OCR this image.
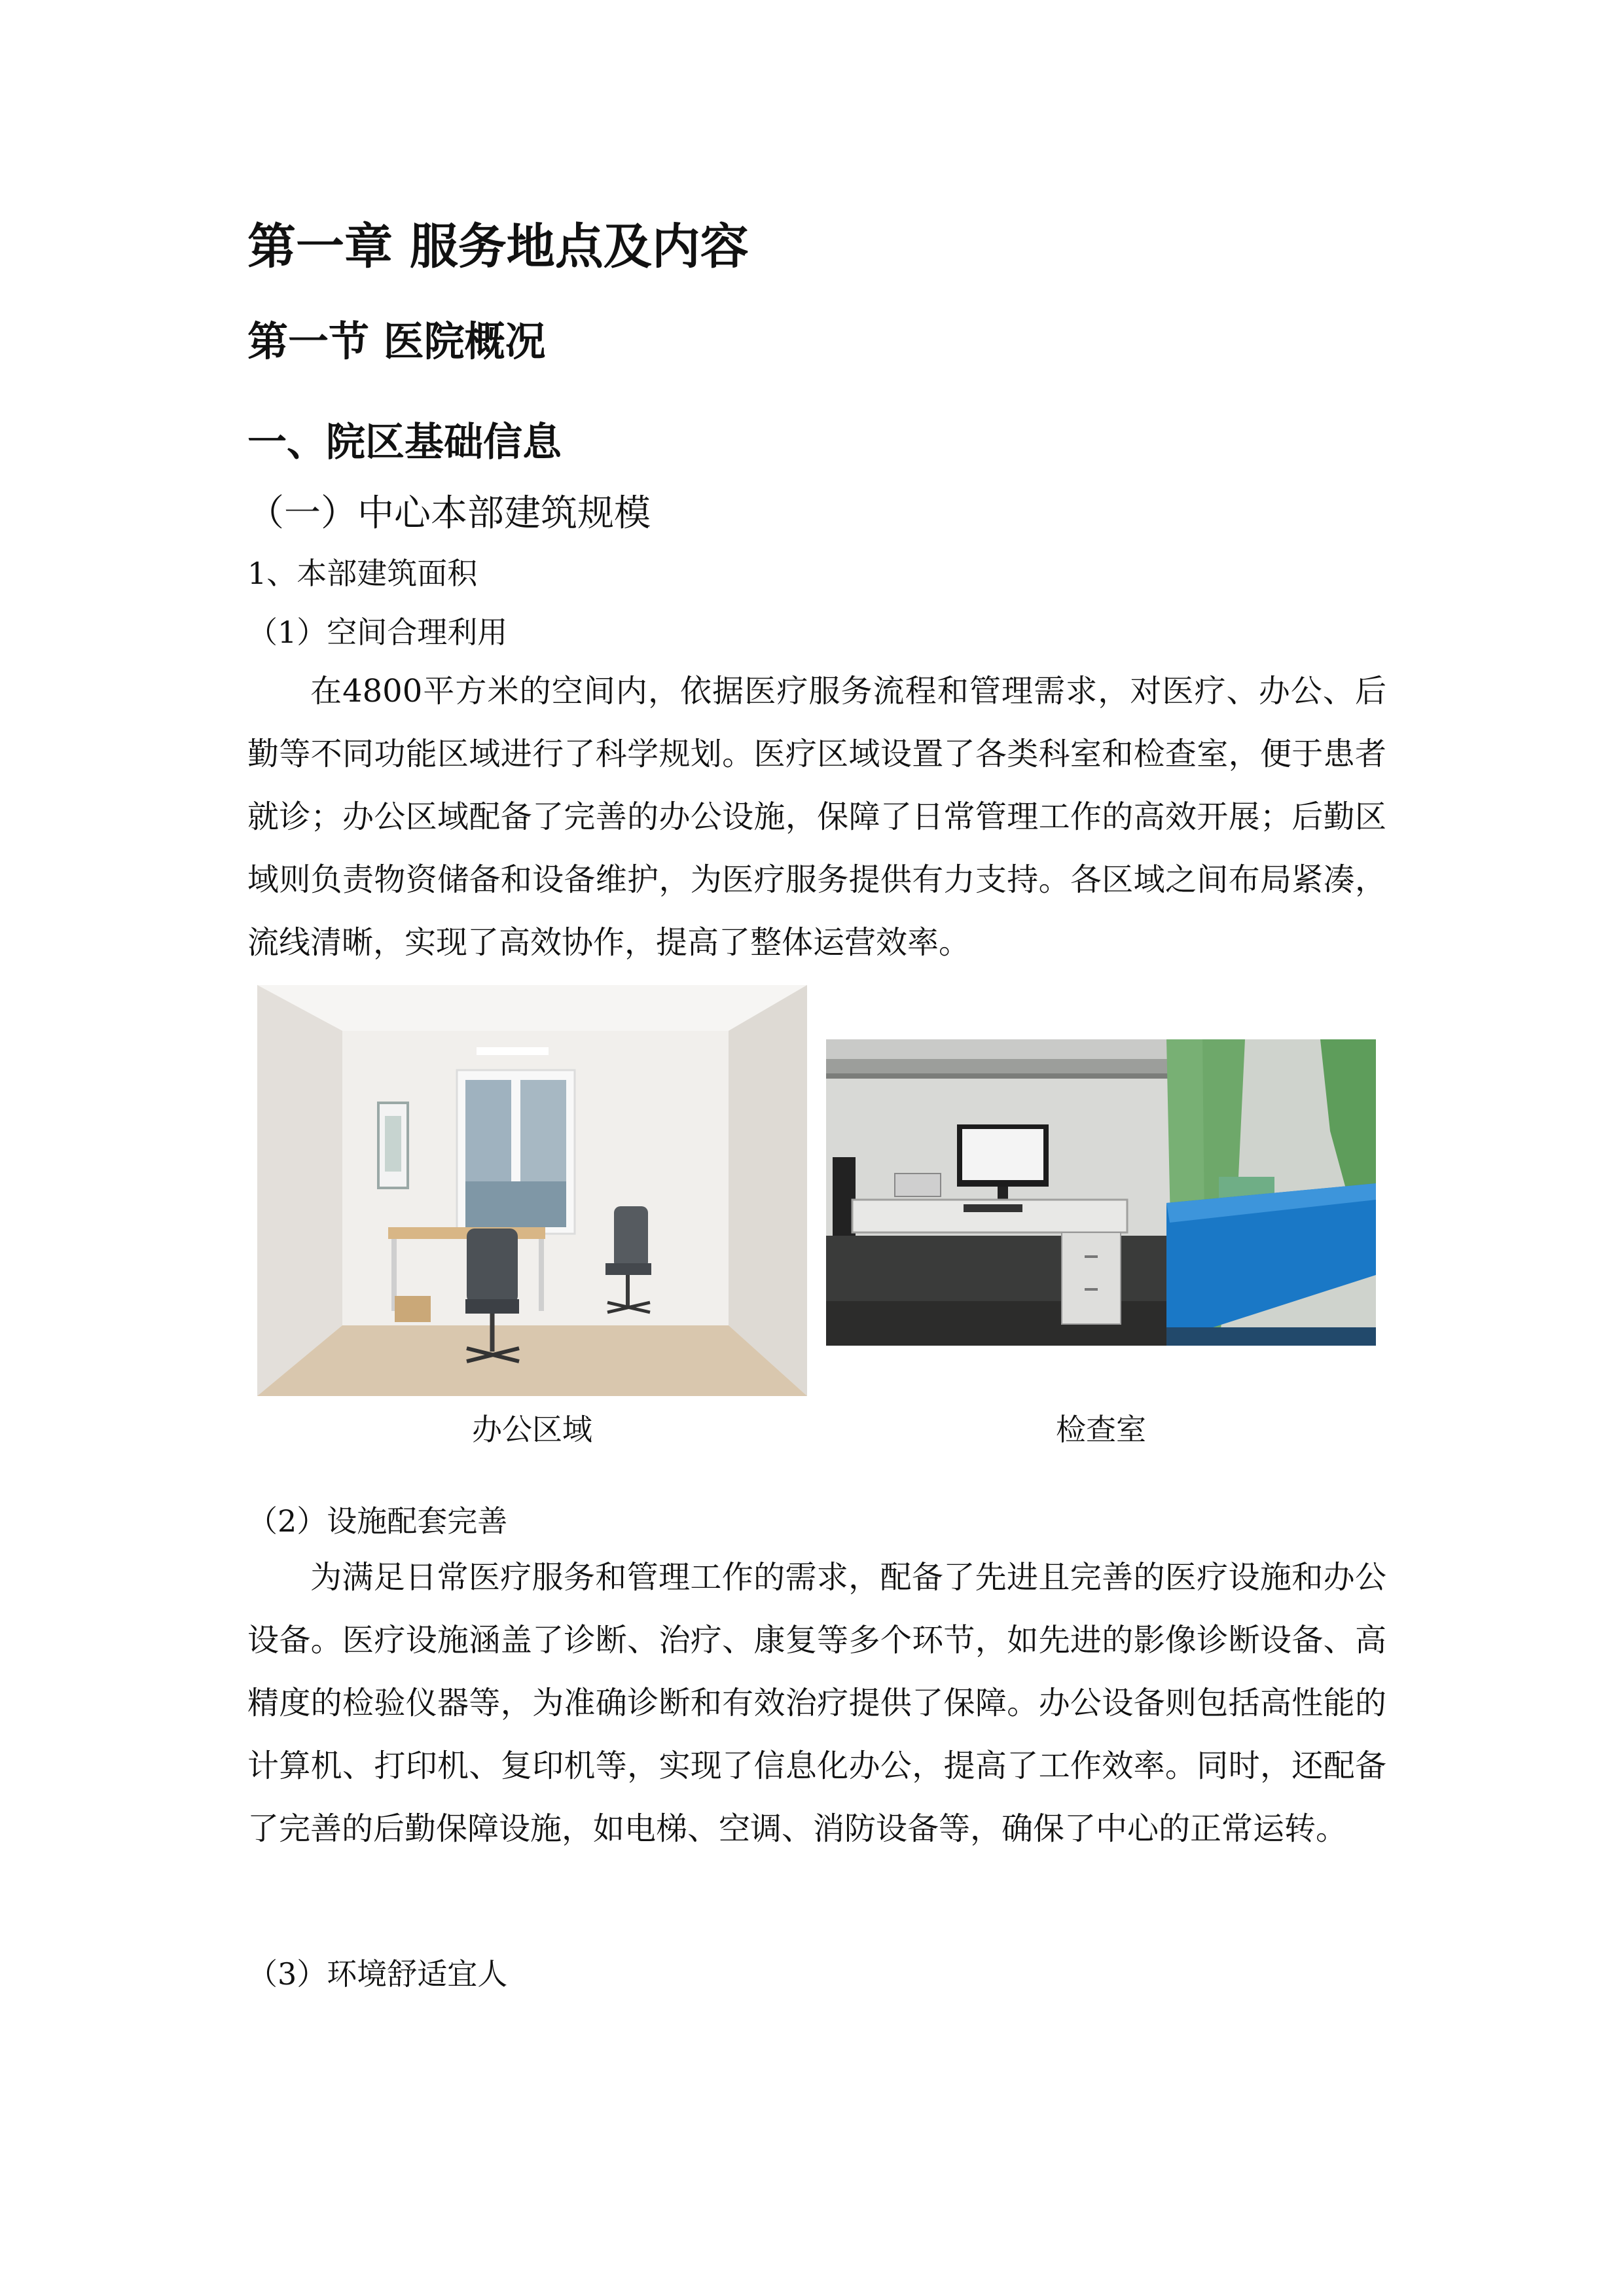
第一章 服务地点及内容
第一节 医院概况
一、院区基础信息
（一）中心本部建筑规模
1、本部建筑面积
（1）空间合理利用

在4800平方米的空间内，依据医疗服务流程和管理需求，对医疗、办公、后勤等不同功能区域进行了科学规划。医疗区域设置了各类科室和检查室，便于患者就诊；办公区域配备了完善的办公设施，保障了日常管理工作的高效开展；后勤区域则负责物资储备和设备维护，为医疗服务提供有力支持。各区域之间布局紧凑，流线清晰，实现了高效协作，提高了整体运营效率。

办公区域	检查室
（2）设施配套完善

为满足日常医疗服务和管理工作的需求，配备了先进且完善的医疗设施和办公设备。医疗设施涵盖了诊断、治疗、康复等多个环节，如先进的影像诊断设备、高精度的检验仪器等，为准确诊断和有效治疗提供了保障。办公设备则包括高性能的计算机、打印机、复印机等，实现了信息化办公，提高了工作效率。同时，还配备了完善的后勤保障设施，如电梯、空调、消防设备等，确保了中心的正常运转。

（3）环境舒适宜人
